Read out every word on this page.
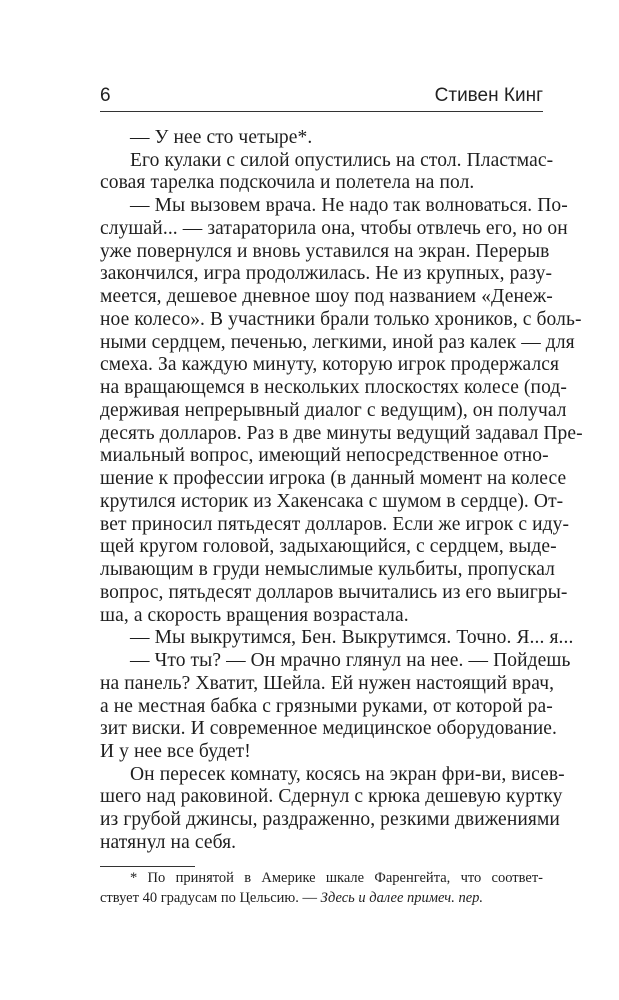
6	Стивен Кинг
— У нее сто четыре*.
Его кулаки с силой опустились на стол. Пластмас-
совая тарелка подскочила и полетела на пол.
— Мы вызовем врача. Не надо так волноваться. По-
слушай... — затараторила она, чтобы отвлечь его, но он
уже повернулся и вновь уставился на экран. Перерыв
закончился, игра продолжилась. Не из крупных, разу-
меется, дешевое дневное шоу под названием «Денеж-
ное колесо». В участники брали только хроников, с боль-
ными сердцем, печенью, легкими, иной раз калек — для
смеха. За каждую минуту, которую игрок продержался
на вращающемся в нескольких плоскостях колесе (под-
держивая непрерывный диалог с ведущим), он получал
десять долларов. Раз в две минуты ведущий задавал Пре-
миальный вопрос, имеющий непосредственное отно-
шение к профессии игрока (в данный момент на колесе
крутился историк из Хакенсака с шумом в сердце). От-
вет приносил пятьдесят долларов. Если же игрок с иду-
щей кругом головой, задыхающийся, с сердцем, выде-
лывающим в груди немыслимые кульбиты, пропускал
вопрос, пятьдесят долларов вычитались из его выигры-
ша, а скорость вращения возрастала.
— Мы выкрутимся, Бен. Выкрутимся. Точно. Я... я...
— Что ты? — Он мрачно глянул на нее. — Пойдешь
на панель? Хватит, Шейла. Ей нужен настоящий врач,
а не местная бабка с грязными руками, от которой ра-
зит виски. И современное медицинское оборудование.
И у нее все будет!
Он пересек комнату, косясь на экран фри-ви, висев-
шего над раковиной. Сдернул с крюка дешевую куртку
из грубой джинсы, раздраженно, резкими движениями
натянул на себя.
* По принятой в Америке шкале Фаренгейта, что соответ-
ствует 40 градусам по Цельсию. — Здесь и далее примеч. пер.
